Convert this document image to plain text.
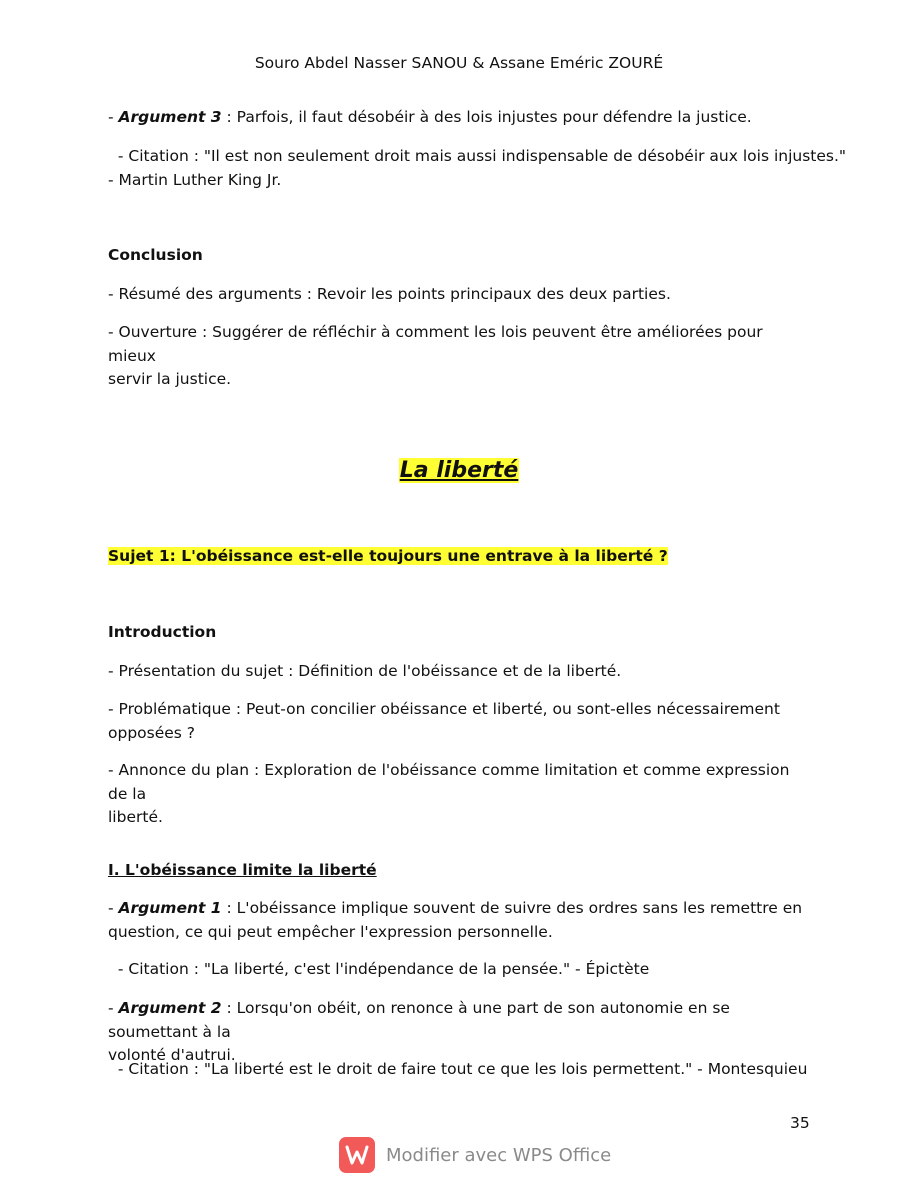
Souro Abdel Nasser SANOU & Assane Eméric ZOURÉ
- Argument 3 : Parfois, il faut désobéir à des lois injustes pour défendre la justice.
- Citation : "Il est non seulement droit mais aussi indispensable de désobéir aux lois injustes."
- Martin Luther King Jr.
Conclusion
- Résumé des arguments : Revoir les points principaux des deux parties.
- Ouverture : Suggérer de réfléchir à comment les lois peuvent être améliorées pour mieux
servir la justice.
La liberté
Sujet 1: L'obéissance est-elle toujours une entrave à la liberté ?
Introduction
- Présentation du sujet : Définition de l'obéissance et de la liberté.
- Problématique : Peut-on concilier obéissance et liberté, ou sont-elles nécessairement
opposées ?
- Annonce du plan : Exploration de l'obéissance comme limitation et comme expression de la
liberté.
I. L'obéissance limite la liberté
- Argument 1 : L'obéissance implique souvent de suivre des ordres sans les remettre en
question, ce qui peut empêcher l'expression personnelle.
- Citation : "La liberté, c'est l'indépendance de la pensée." - Épictète
- Argument 2 : Lorsqu'on obéit, on renonce à une part de son autonomie en se soumettant à la
volonté d'autrui.
- Citation : "La liberté est le droit de faire tout ce que les lois permettent." - Montesquieu
35
Modifier avec WPS Office
